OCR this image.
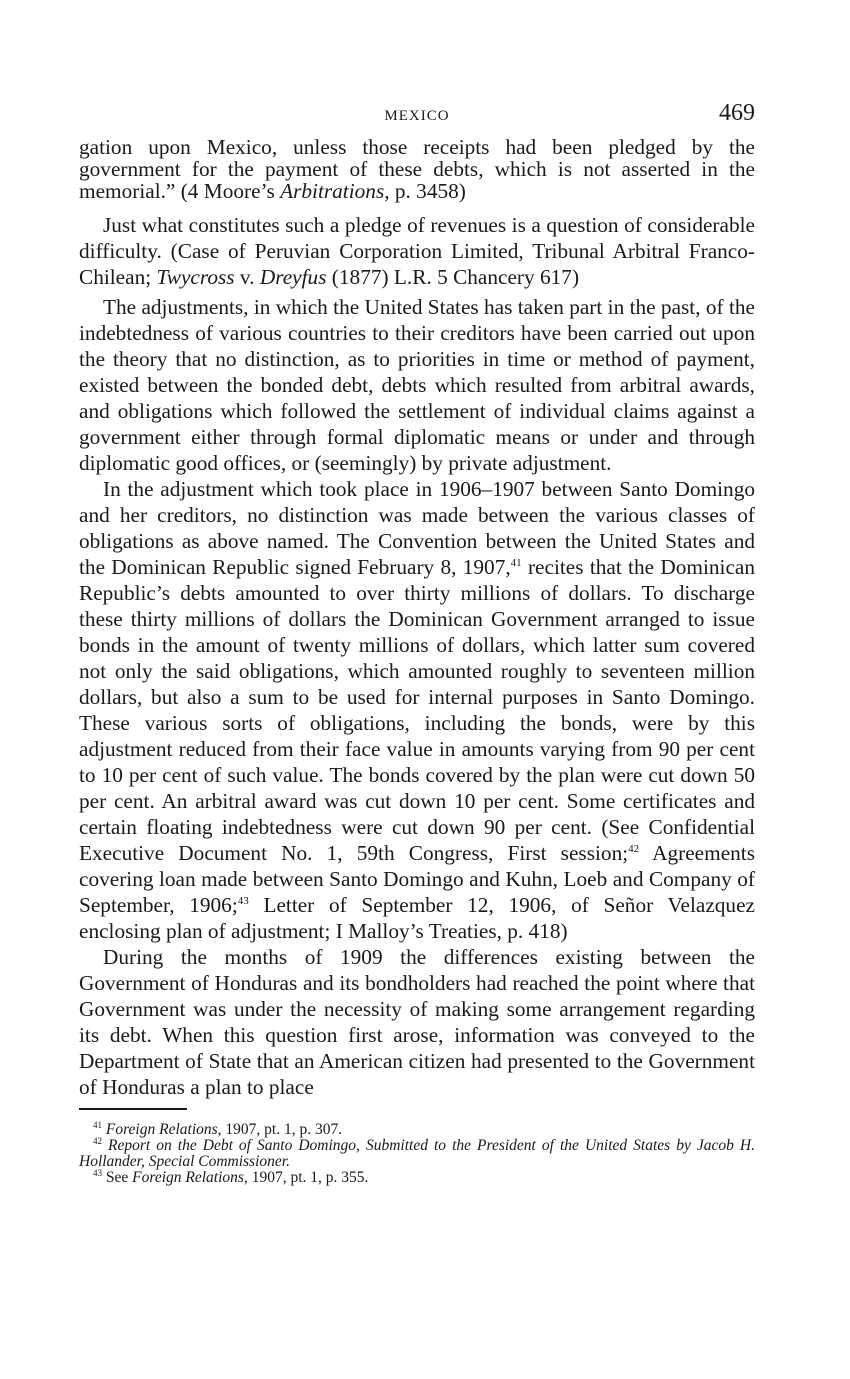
MEXICO	469

gation upon Mexico, unless those receipts had been pledged by the government for the payment of these debts, which is not asserted in the memorial.” (4 Moore’s Arbitrations, p. 3458)

Just what constitutes such a pledge of revenues is a question of considerable difficulty. (Case of Peruvian Corporation Limited, Tribunal Arbitral Franco-Chilean; Twycross v. Dreyfus (1877) L.R. 5 Chancery 617)

The adjustments, in which the United States has taken part in the past, of the indebtedness of various countries to their creditors have been carried out upon the theory that no distinction, as to priorities in time or method of payment, existed between the bonded debt, debts which resulted from arbitral awards, and obligations which followed the settlement of individual claims against a government either through formal diplomatic means or under and through diplomatic good offices, or (seemingly) by private adjustment.

In the adjustment which took place in 1906–1907 between Santo Domingo and her creditors, no distinction was made between the various classes of obligations as above named. The Convention between the United States and the Dominican Republic signed February 8, 1907,41 recites that the Dominican Republic’s debts amounted to over thirty millions of dollars. To discharge these thirty millions of dollars the Dominican Government arranged to issue bonds in the amount of twenty millions of dollars, which latter sum covered not only the said obligations, which amounted roughly to seventeen million dollars, but also a sum to be used for internal purposes in Santo Domingo. These various sorts of obligations, including the bonds, were by this adjustment reduced from their face value in amounts varying from 90 per cent to 10 per cent of such value. The bonds covered by the plan were cut down 50 per cent. An arbitral award was cut down 10 per cent. Some certificates and certain floating indebtedness were cut down 90 per cent. (See Confidential Executive Document No. 1, 59th Congress, First session;$^{42}$ Agreements covering loan made between Santo Domingo and Kuhn, Loeb and Company of September, 1906;$^{43}$ Letter of September 12, 1906, of Señor Velazquez enclosing plan of adjustment; I Malloy’s Treaties, p. 418)

During the months of 1909 the differences existing between the Government of Honduras and its bondholders had reached the point where that Government was under the necessity of making some arrangement regarding its debt. When this question first arose, information was conveyed to the Department of State that an American citizen had presented to the Government of Honduras a plan to place

$^{41}$ Foreign Relations, 1907, pt. 1, p. 307.

$^{42}$ Report on the Debt of Santo Domingo, Submitted to the President of the United States by Jacob H. Hollander, Special Commissioner.

$^{43}$ See Foreign Relations, 1907, pt. 1, p. 355.
